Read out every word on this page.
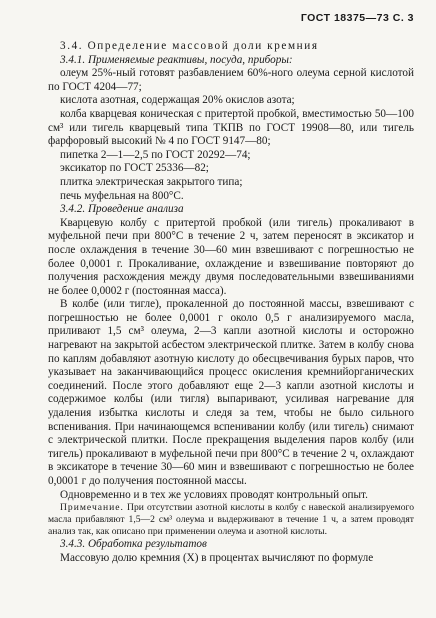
ГОСТ 18375—73 С. 3

3.4. Определение массовой доли кремния

3.4.1. Применяемые реактивы, посуда, приборы:

олеум 25%-ный готовят разбавлением 60%-ного олеума серной кислотой по ГОСТ 4204—77;

кислота азотная, содержащая 20% окислов азота;

колба кварцевая коническая с притертой пробкой, вместимостью 50—100 см³ или тигель кварцевый типа ТКПВ по ГОСТ 19908—80, или тигель фарфоровый высокий № 4 по ГОСТ 9147—80;

пипетка 2—1—2,5 по ГОСТ 20292—74;

эксикатор по ГОСТ 25336—82;

плитка электрическая закрытого типа;

печь муфельная на 800°С.

3.4.2. Проведение анализа

Кварцевую колбу с притертой пробкой (или тигель) прокаливают в муфельной печи при 800°С в течение 2 ч, затем переносят в эксикатор и после охлаждения в течение 30—60 мин взвешивают с погрешностью не более 0,0001 г. Прокаливание, охлаждение и взвешивание повторяют до получения расхождения между двумя последовательными взвешиваниями не более 0,0002 г (постоянная масса).

В колбе (или тигле), прокаленной до постоянной массы, взвешивают с погрешностью не более 0,0001 г около 0,5 г анализируемого масла, приливают 1,5 см³ олеума, 2—3 капли азотной кислоты и осторожно нагревают на закрытой асбестом электрической плитке. Затем в колбу снова по каплям добавляют азотную кислоту до обесцвечивания бурых паров, что указывает на заканчивающийся процесс окисления кремнийорганических соединений. После этого добавляют еще 2—3 капли азотной кислоты и содержимое колбы (или тигля) выпаривают, усиливая нагревание для удаления избытка кислоты и следя за тем, чтобы не было сильного вспенивания. При начинающемся вспенивании колбу (или тигель) снимают с электрической плитки. После прекращения выделения паров колбу (или тигель) прокаливают в муфельной печи при 800°С в течение 2 ч, охлаждают в эксикаторе в течение 30—60 мин и взвешивают с погрешностью не более 0,0001 г до получения постоянной массы.

Одновременно и в тех же условиях проводят контрольный опыт.

Примечание. При отсутствии азотной кислоты в колбу с навеской анализируемого масла прибавляют 1,5—2 см³ олеума и выдерживают в течение 1 ч, а затем проводят анализ так, как описано при применении олеума и азотной кислоты.

3.4.3. Обработка результатов

Массовую долю кремния (X) в процентах вычисляют по формуле
